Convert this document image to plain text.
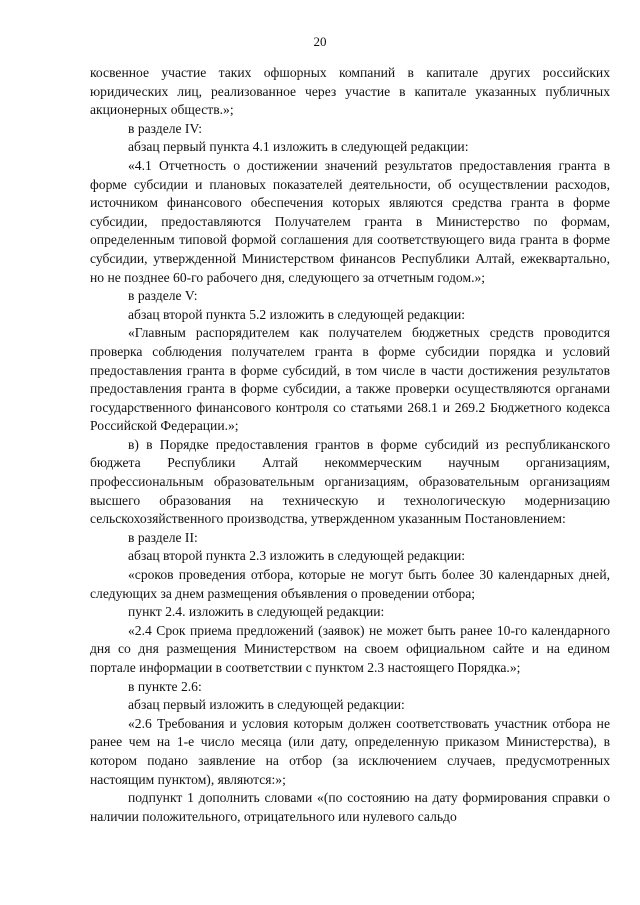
20

косвенное участие таких офшорных компаний в капитале других российских юридических лиц, реализованное через участие в капитале указанных публичных акционерных обществ.»;

в разделе IV:

абзац первый пункта 4.1 изложить в следующей редакции:

«4.1 Отчетность о достижении значений результатов предоставления гранта в форме субсидии и плановых показателей деятельности, об осуществлении расходов, источником финансового обеспечения которых являются средства гранта в форме субсидии, предоставляются Получателем гранта в Министерство по формам, определенным типовой формой соглашения для соответствующего вида гранта в форме субсидии, утвержденной Министерством финансов Республики Алтай, ежеквартально, но не позднее 60-го рабочего дня, следующего за отчетным годом.»;

в разделе V:

абзац второй пункта 5.2 изложить в следующей редакции:

«Главным распорядителем как получателем бюджетных средств проводится проверка соблюдения получателем гранта в форме субсидии порядка и условий предоставления гранта в форме субсидий, в том числе в части достижения результатов предоставления гранта в форме субсидии, а также проверки осуществляются органами государственного финансового контроля со статьями 268.1 и 269.2 Бюджетного кодекса Российской Федерации.»;

в) в Порядке предоставления грантов в форме субсидий из республиканского бюджета Республики Алтай некоммерческим научным организациям, профессиональным образовательным организациям, образовательным организациям высшего образования на техническую и технологическую модернизацию сельскохозяйственного производства, утвержденном указанным Постановлением:

в разделе II:

абзац второй пункта 2.3 изложить в следующей редакции:

«сроков проведения отбора, которые не могут быть более 30 календарных дней, следующих за днем размещения объявления о проведении отбора;

пункт 2.4. изложить в следующей редакции:

«2.4 Срок приема предложений (заявок) не может быть ранее 10-го календарного дня со дня размещения Министерством на своем официальном сайте и на едином портале информации в соответствии с пунктом 2.3 настоящего Порядка.»;

в пункте 2.6:

абзац первый изложить в следующей редакции:

«2.6 Требования и условия которым должен соответствовать участник отбора не ранее чем на 1-е число месяца (или дату, определенную приказом Министерства), в котором подано заявление на отбор (за исключением случаев, предусмотренных настоящим пунктом), являются:»;

подпункт 1 дополнить словами «(по состоянию на дату формирования справки о наличии положительного, отрицательного или нулевого сальдо
